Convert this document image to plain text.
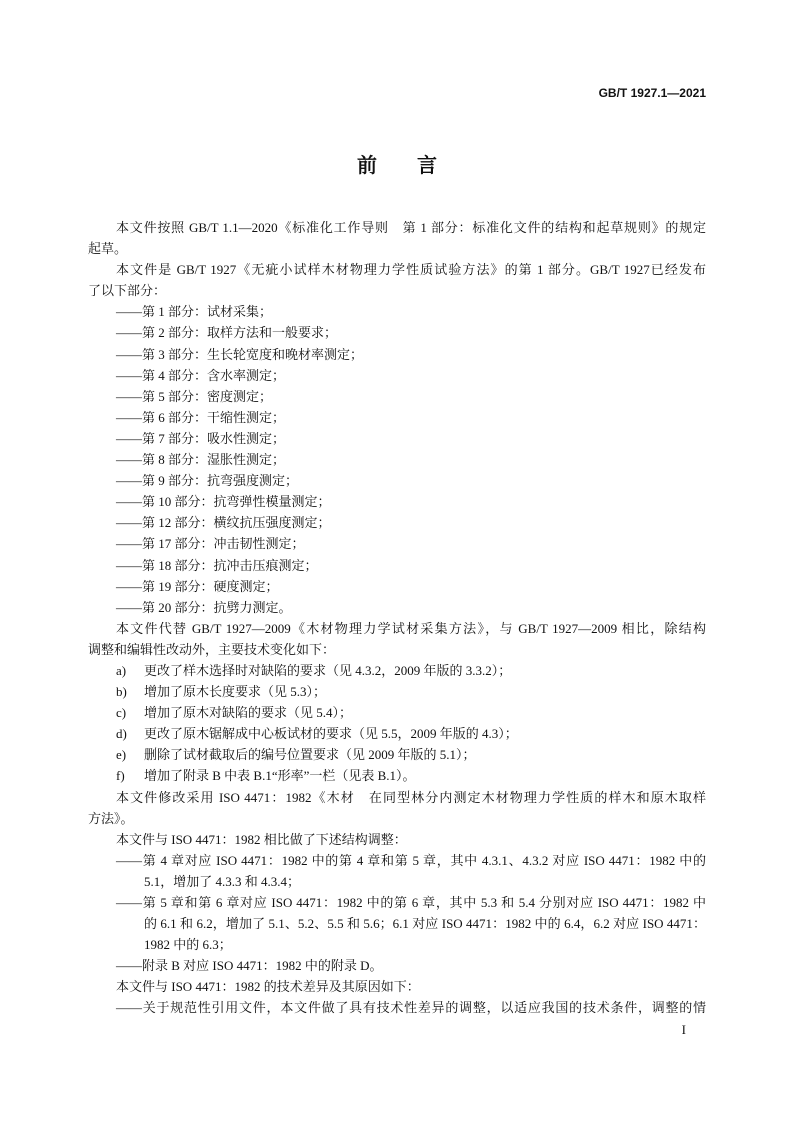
GB/T 1927.1—2021
前　　言
本文件按照 GB/T 1.1—2020《标准化工作导则　第 1 部分：标准化文件的结构和起草规则》的规定
起草。
本文件是 GB/T 1927《无疵小试样木材物理力学性质试验方法》的第 1 部分。GB/T 1927已经发布
了以下部分：
——第 1 部分：试材采集；
——第 2 部分：取样方法和一般要求；
——第 3 部分：生长轮宽度和晚材率测定；
——第 4 部分：含水率测定；
——第 5 部分：密度测定；
——第 6 部分：干缩性测定；
——第 7 部分：吸水性测定；
——第 8 部分：湿胀性测定；
——第 9 部分：抗弯强度测定；
——第 10 部分：抗弯弹性模量测定；
——第 12 部分：横纹抗压强度测定；
——第 17 部分：冲击韧性测定；
——第 18 部分：抗冲击压痕测定；
——第 19 部分：硬度测定；
——第 20 部分：抗劈力测定。
本文件代替 GB/T 1927—2009《木材物理力学试材采集方法》，与 GB/T 1927—2009 相比，除结构
调整和编辑性改动外，主要技术变化如下：
a) 更改了样木选择时对缺陷的要求（见 4.3.2，2009 年版的 3.3.2）；
b) 增加了原木长度要求（见 5.3）；
c) 增加了原木对缺陷的要求（见 5.4）；
d) 更改了原木锯解成中心板试材的要求（见 5.5，2009 年版的 4.3）；
e) 删除了试材截取后的编号位置要求（见 2009 年版的 5.1）；
f) 增加了附录 B 中表 B.1“形率”一栏（见表 B.1）。
本文件修改采用 ISO 4471：1982《木材　在同型林分内测定木材物理力学性质的样木和原木取样
方法》。
本文件与 ISO 4471：1982 相比做了下述结构调整：
——第 4 章对应 ISO 4471：1982 中的第 4 章和第 5 章，其中 4.3.1、4.3.2 对应 ISO 4471：1982 中的
5.1，增加了 4.3.3 和 4.3.4；
——第 5 章和第 6 章对应 ISO 4471：1982 中的第 6 章，其中 5.3 和 5.4 分别对应 ISO 4471：1982 中
的 6.1 和 6.2，增加了 5.1、5.2、5.5 和 5.6；6.1 对应 ISO 4471：1982 中的 6.4，6.2 对应 ISO 4471：
1982 中的 6.3；
——附录 B 对应 ISO 4471：1982 中的附录 D。
本文件与 ISO 4471：1982 的技术差异及其原因如下：
——关于规范性引用文件，本文件做了具有技术性差异的调整，以适应我国的技术条件，调整的情
I
